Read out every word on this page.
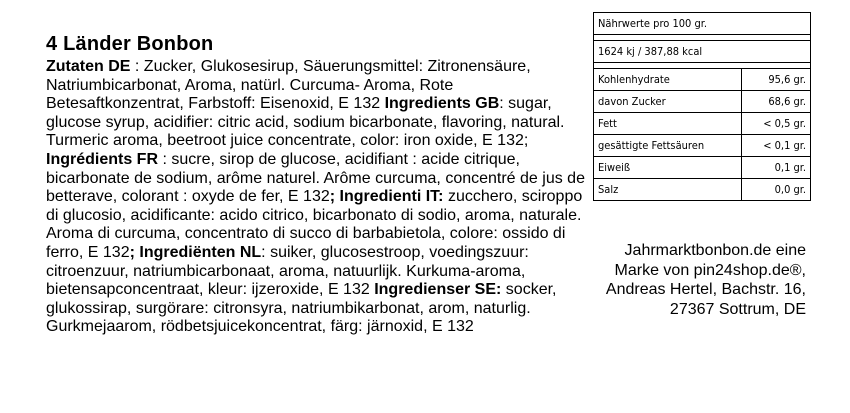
4 Länder Bonbon

Zutaten DE : Zucker, Glukosesirup, Säuerungsmittel: Zitronensäure, Natriumbicarbonat, Aroma, natürl. Curcuma- Aroma, Rote Betesaftkonzentrat, Farbstoff: Eisenoxid, E 132 Ingredients GB: sugar, glucose syrup, acidifier: citric acid, sodium bicarbonate, flavoring, natural. Turmeric aroma, beetroot juice concentrate, color: iron oxide, E 132; Ingrédients FR : sucre, sirop de glucose, acidifiant : acide citrique, bicarbonate de sodium, arôme naturel. Arôme curcuma, concentré de jus de betterave, colorant : oxyde de fer, E 132; Ingredienti IT: zucchero, sciroppo di glucosio, acidificante: acido citrico, bicarbonato di sodio, aroma, naturale. Aroma di curcuma, concentrato di succo di barbabietola, colore: ossido di ferro, E 132; Ingrediënten NL: suiker, glucosestroop, voedingszuur: citroenzuur, natriumbicarbonaat, aroma, natuurlijk. Kurkuma-aroma, bietensapconcentraat, kleur: ijzeroxide, E 132 Ingredienser SE: socker, glukossirap, surgörare: citronsyra, natriumbikarbonat, arom, naturlig. Gurkmejaarom, rödbetsjuicekoncentrat, färg: järnoxid, E 132

Nährwerte pro 100 gr.	

1624 kj / 387,88 kcal	

Kohlenhydrate	95,6 gr.
davon Zucker	68,6 gr.
Fett	< 0,5 gr.
gesättigte Fettsäuren	< 0,1 gr.
Eiweiß	0,1 gr.
Salz	0,0 gr.
Jahrmarktbonbon.de eine
Marke von pin24shop.de®,
Andreas Hertel, Bachstr. 16,
27367 Sottrum, DE
